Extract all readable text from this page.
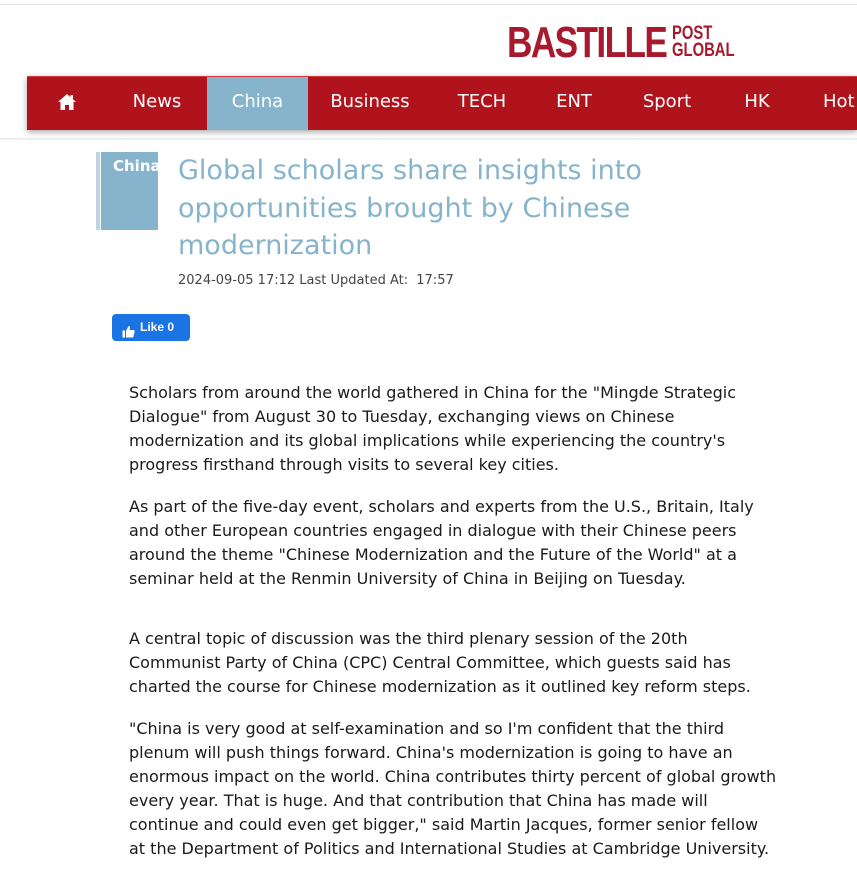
BASTILLE POST
GLOBAL
News	China	Business	TECH	ENT	Sport	HK	Hot
China Global scholars share insights into opportunities brought by Chinese modernization
2024-09-05 17:12 Last Updated At: 17:57
Like 0

Scholars from around the world gathered in China for the "Mingde Strategic Dialogue" from August 30 to Tuesday, exchanging views on Chinese modernization and its global implications while experiencing the country's progress firsthand through visits to several key cities.

As part of the five-day event, scholars and experts from the U.S., Britain, Italy and other European countries engaged in dialogue with their Chinese peers around the theme "Chinese Modernization and the Future of the World" at a seminar held at the Renmin University of China in Beijing on Tuesday.

A central topic of discussion was the third plenary session of the 20th Communist Party of China (CPC) Central Committee, which guests said has charted the course for Chinese modernization as it outlined key reform steps.

"China is very good at self-examination and so I'm confident that the third plenum will push things forward. China's modernization is going to have an enormous impact on the world. China contributes thirty percent of global growth every year. That is huge. And that contribution that China has made will continue and could even get bigger," said Martin Jacques, former senior fellow at the Department of Politics and International Studies at Cambridge University.
